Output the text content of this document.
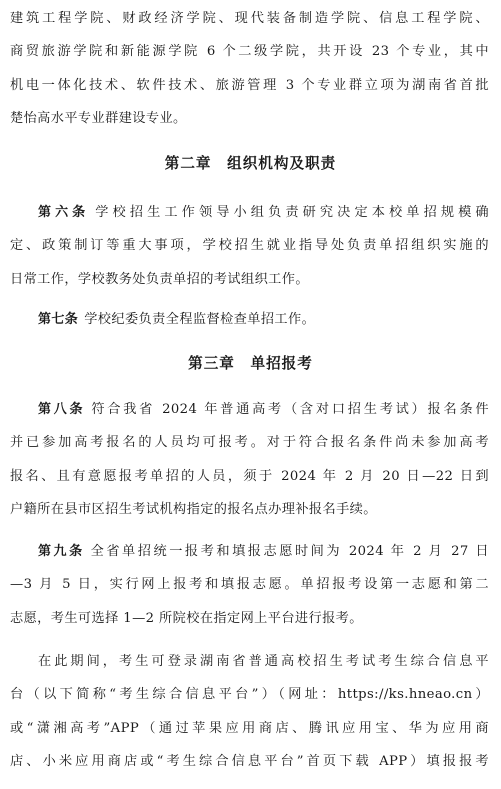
建筑工程学院、财政经济学院、现代装备制造学院、信息工程学院、

商贸旅游学院和新能源学院 6 个二级学院，共开设 23 个专业，其中

机电一体化技术、软件技术、旅游管理 3 个专业群立项为湖南省首批

楚怡高水平专业群建设专业。

第二章　组织机构及职责

第六条 学校招生工作领导小组负责研究决定本校单招规模确

定、政策制订等重大事项，学校招生就业指导处负责单招组织实施的

日常工作，学校教务处负责单招的考试组织工作。

第七条 学校纪委负责全程监督检查单招工作。

第三章　单招报考

第八条 符合我省 2024 年普通高考（含对口招生考试）报名条件

并已参加高考报名的人员均可报考。对于符合报名条件尚未参加高考

报名、且有意愿报考单招的人员，须于 2024 年 2 月 20 日—22 日到

户籍所在县市区招生考试机构指定的报名点办理补报名手续。

第九条 全省单招统一报考和填报志愿时间为 2024 年 2 月 27 日

—3 月 5 日，实行网上报考和填报志愿。单招报考设第一志愿和第二

志愿，考生可选择 1—2 所院校在指定网上平台进行报考。

在此期间，考生可登录湖南省普通高校招生考试考生综合信息平

台（以下简称“考生综合信息平台”）（网址：https://ks.hneao.cn）

或“潇湘高考”APP（通过苹果应用商店、腾讯应用宝、华为应用商

店、小米应用商店或“考生综合信息平台”首页下载 APP）填报报考
